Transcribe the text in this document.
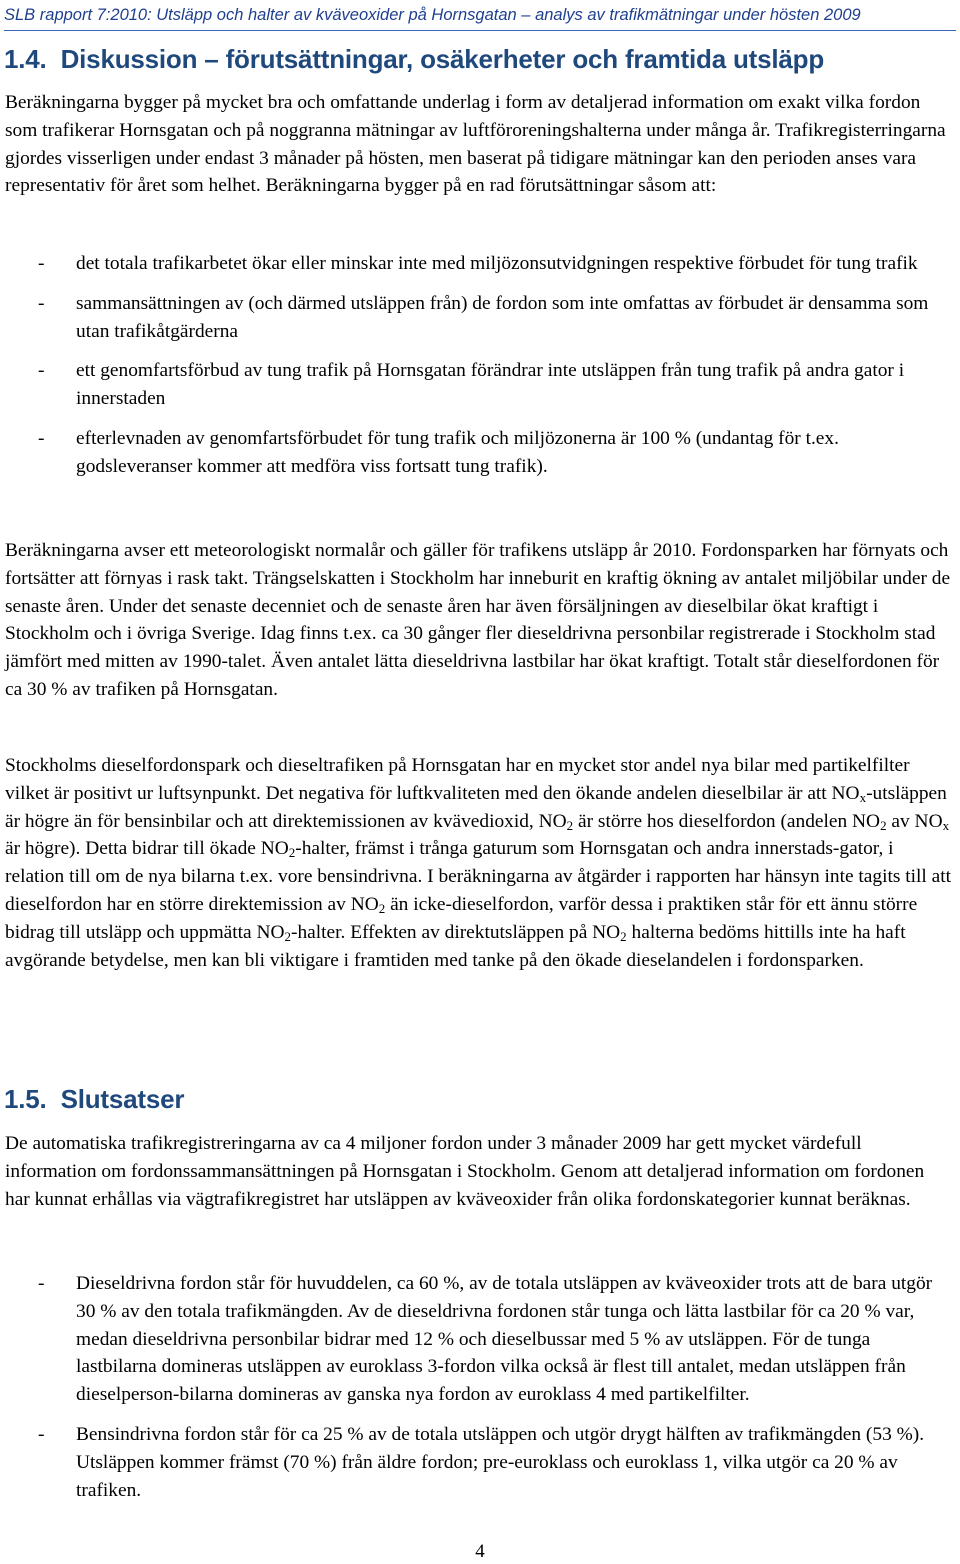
SLB rapport 7:2010: Utsläpp och halter av kväveoxider på Hornsgatan – analys av trafikmätningar under hösten 2009
1.4. Diskussion – förutsättningar, osäkerheter och framtida utsläpp

Beräkningarna bygger på mycket bra och omfattande underlag i form av detaljerad information om exakt vilka fordon som trafikerar Hornsgatan och på noggranna mätningar av luftföroreningshalterna under många år. Trafikregisterringarna gjordes visserligen under endast 3 månader på hösten, men baserat på tidigare mätningar kan den perioden anses vara representativ för året som helhet. Beräkningarna bygger på en rad förutsättningar såsom att:

- det totala trafikarbetet ökar eller minskar inte med miljözonsutvidgningen respektive förbudet för tung trafik
- sammansättningen av (och därmed utsläppen från) de fordon som inte omfattas av förbudet är densamma som utan trafikåtgärderna
- ett genomfartsförbud av tung trafik på Hornsgatan förändrar inte utsläppen från tung trafik på andra gator i innerstaden
- efterlevnaden av genomfartsförbudet för tung trafik och miljözonerna är 100 % (undantag för t.ex. godsleveranser kommer att medföra viss fortsatt tung trafik).

Beräkningarna avser ett meteorologiskt normalår och gäller för trafikens utsläpp år 2010. Fordonsparken har förnyats och fortsätter att förnyas i rask takt. Trängselskatten i Stockholm har inneburit en kraftig ökning av antalet miljöbilar under de senaste åren. Under det senaste decenniet och de senaste åren har även försäljningen av dieselbilar ökat kraftigt i Stockholm och i övriga Sverige. Idag finns t.ex. ca 30 gånger fler dieseldrivna personbilar registrerade i Stockholm stad jämfört med mitten av 1990-talet. Även antalet lätta dieseldrivna lastbilar har ökat kraftigt. Totalt står dieselfordonen för ca 30 % av trafiken på Hornsgatan.

Stockholms dieselfordonspark och dieseltrafiken på Hornsgatan har en mycket stor andel nya bilar med partikelfilter vilket är positivt ur luftsynpunkt. Det negativa för luftkvaliteten med den ökande andelen dieselbilar är att $NO_x$-utsläppen är högre än för bensinbilar och att direktemissionen av kvävedioxid, $NO_2$ är större hos dieselfordon (andelen $NO_2$ av $NO_x$ är högre). Detta bidrar till ökade $NO_2$-halter, främst i trånga gaturum som Hornsgatan och andra innerstads-gator, i relation till om de nya bilarna t.ex. vore bensindrivna. I beräkningarna av åtgärder i rapporten har hänsyn inte tagits till att dieselfordon har en större direktemission av $NO_2$ än icke-dieselfordon, varför dessa i praktiken står för ett ännu större bidrag till utsläpp och uppmätta $NO_2$-halter. Effekten av direktutsläppen på $NO_2$ halterna bedöms hittills inte ha haft avgörande betydelse, men kan bli viktigare i framtiden med tanke på den ökade dieselandelen i fordonsparken.

1.5. Slutsatser

De automatiska trafikregistreringarna av ca 4 miljoner fordon under 3 månader 2009 har gett mycket värdefull information om fordonssammansättningen på Hornsgatan i Stockholm. Genom att detaljerad information om fordonen har kunnat erhållas via vägtrafikregistret har utsläppen av kväveoxider från olika fordonskategorier kunnat beräknas.

- Dieseldrivna fordon står för huvuddelen, ca 60 %, av de totala utsläppen av kväveoxider trots att de bara utgör 30 % av den totala trafikmängden. Av de dieseldrivna fordonen står tunga och lätta lastbilar för ca 20 % var, medan dieseldrivna personbilar bidrar med 12 % och dieselbussar med 5 % av utsläppen. För de tunga lastbilarna domineras utsläppen av euroklass 3-fordon vilka också är flest till antalet, medan utsläppen från dieselperson-bilarna domineras av ganska nya fordon av euroklass 4 med partikelfilter.
- Bensindrivna fordon står för ca 25 % av de totala utsläppen och utgör drygt hälften av trafikmängden (53 %). Utsläppen kommer främst (70 %) från äldre fordon; pre-euroklass och euroklass 1, vilka utgör ca 20 % av trafiken.
4
